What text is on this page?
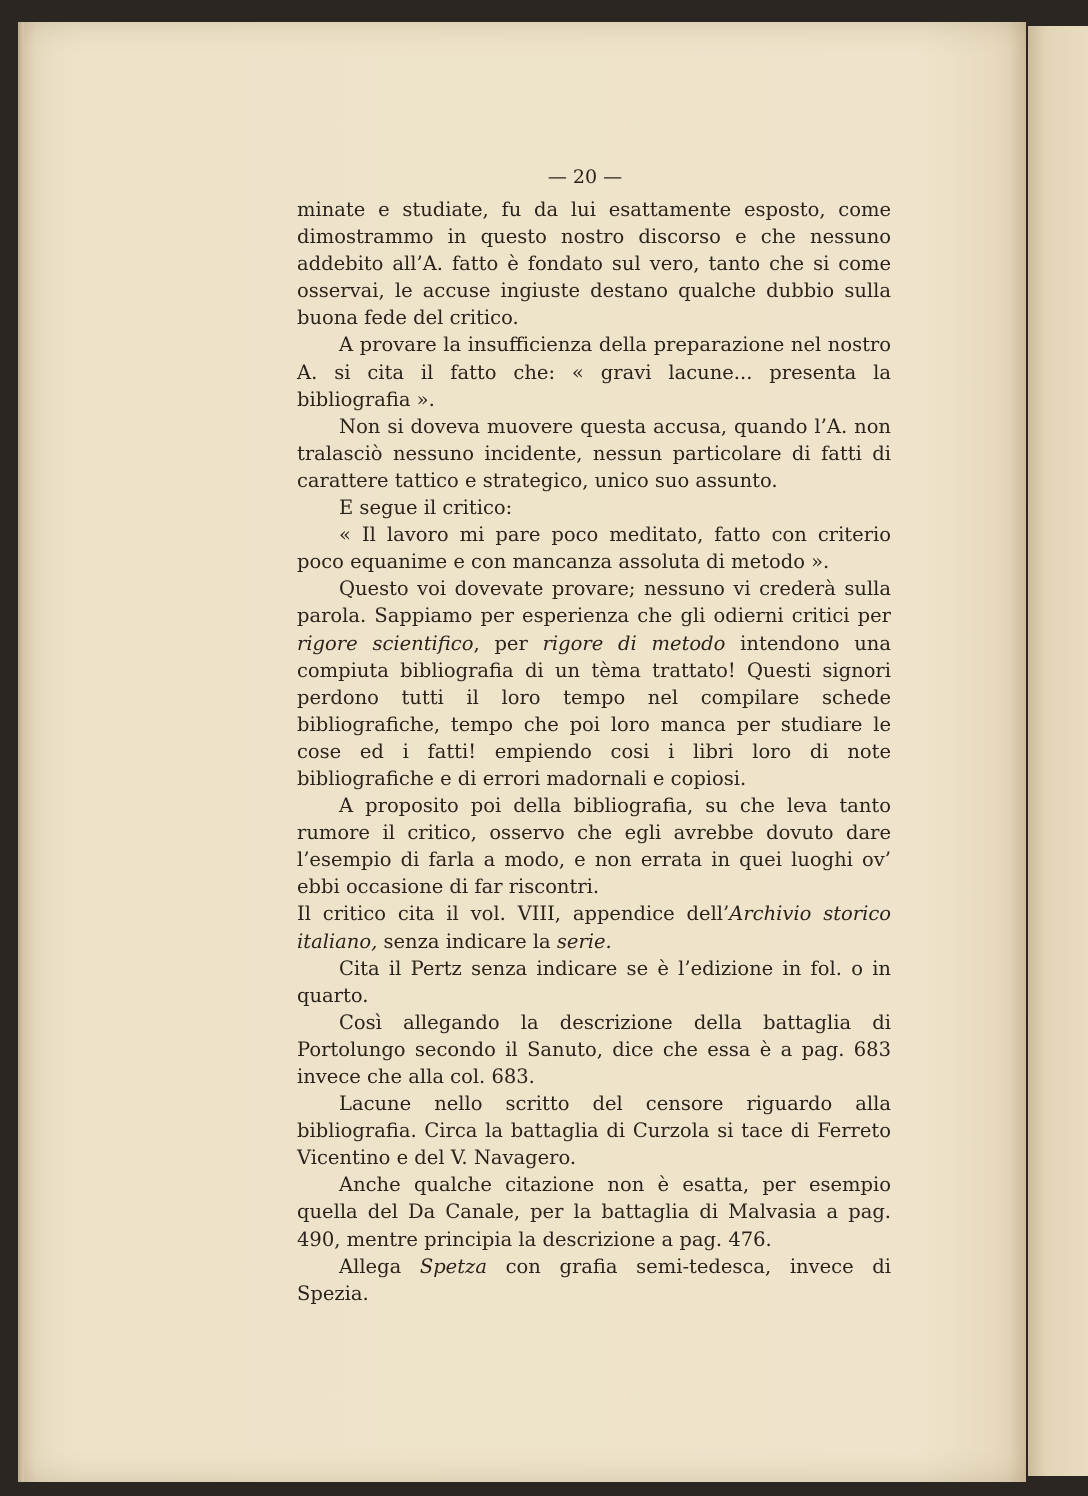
— 20 —

minate e studiate, fu da lui esattamente esposto, come dimostrammo in questo nostro discorso e che nessuno addebito all’A. fatto è fondato sul vero, tanto che si come osservai, le accuse ingiuste destano qualche dubbio sulla buona fede del critico.

A provare la insufficienza della preparazione nel nostro A. si cita il fatto che: « gravi lacune... presenta la bibliografia ».

Non si doveva muovere questa accusa, quando l’A. non tralasciò nessuno incidente, nessun particolare di fatti di carattere tattico e strategico, unico suo assunto.

E segue il critico:

« Il lavoro mi pare poco meditato, fatto con criterio poco equanime e con mancanza assoluta di metodo ».

Questo voi dovevate provare; nessuno vi crederà sulla parola. Sappiamo per esperienza che gli odierni critici per rigore scientifico, per rigore di metodo intendono una compiuta bibliografia di un tèma trattato! Questi signori perdono tutti il loro tempo nel compilare schede bibliografiche, tempo che poi loro manca per studiare le cose ed i fatti! empiendo cosi i libri loro di note bibliografiche e di errori madornali e copiosi.

A proposito poi della bibliografia, su che leva tanto rumore il critico, osservo che egli avrebbe dovuto dare l’esempio di farla a modo, e non errata in quei luoghi ov’ ebbi occasione di far riscontri.

Il critico cita il vol. VIII, appendice dell’Archivio storico italiano, senza indicare la serie.

Cita il Pertz senza indicare se è l’edizione in fol. o in quarto.

Così allegando la descrizione della battaglia di Portolungo secondo il Sanuto, dice che essa è a pag. 683 invece che alla col. 683.

Lacune nello scritto del censore riguardo alla bibliografia. Circa la battaglia di Curzola si tace di Ferreto Vicentino e del V. Navagero.

Anche qualche citazione non è esatta, per esempio quella del Da Canale, per la battaglia di Malvasia a pag. 490, mentre principia la descrizione a pag. 476.

Allega Spetza con grafia semi-tedesca, invece di Spezia.
